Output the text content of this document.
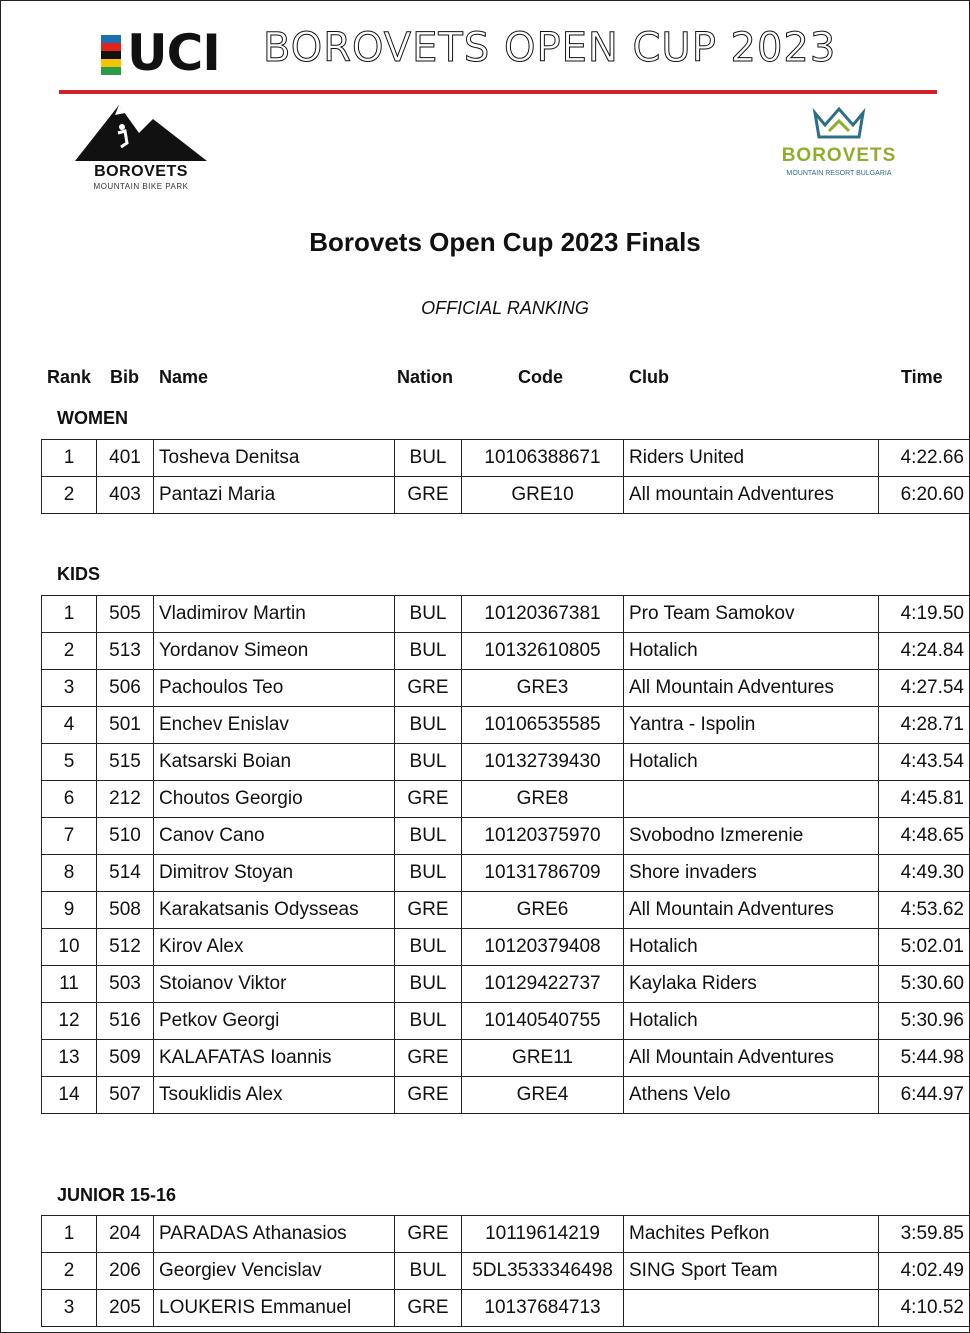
UCI BOROVETS OPEN CUP 2023
BOROVETS
MOUNTAIN BIKE PARK
BOROVETS
MOUNTAIN RESORT BULGARIA
Borovets Open Cup 2023 Finals
OFFICIAL RANKING
Rank Bib Name	Nation	Code	Club	Time
WOMEN
1	401	Tosheva Denitsa	BUL	10106388671	Riders United	4:22.66
2	403	Pantazi Maria	GRE	GRE10	All mountain Adventures	6:20.60
KIDS
1	505	Vladimirov Martin	BUL	10120367381	Pro Team Samokov	4:19.50
2	513	Yordanov Simeon	BUL	10132610805	Hotalich	4:24.84
3	506	Pachoulos Teo	GRE	GRE3	All Mountain Adventures	4:27.54
4	501	Enchev Enislav	BUL	10106535585	Yantra - Ispolin	4:28.71
5	515	Katsarski Boian	BUL	10132739430	Hotalich	4:43.54
6	212	Choutos Georgio	GRE	GRE8		4:45.81
7	510	Canov Cano	BUL	10120375970	Svobodno Izmerenie	4:48.65
8	514	Dimitrov Stoyan	BUL	10131786709	Shore invaders	4:49.30
9	508	Karakatsanis Odysseas	GRE	GRE6	All Mountain Adventures	4:53.62
10	512	Kirov Alex	BUL	10120379408	Hotalich	5:02.01
11	503	Stoianov Viktor	BUL	10129422737	Kaylaka Riders	5:30.60
12	516	Petkov Georgi	BUL	10140540755	Hotalich	5:30.96
13	509	KALAFATAS Ioannis	GRE	GRE11	All Mountain Adventures	5:44.98
14	507	Tsouklidis Alex	GRE	GRE4	Athens Velo	6:44.97
JUNIOR 15-16
1	204	PARADAS Athanasios	GRE	10119614219	Machites Pefkon	3:59.85
2	206	Georgiev Vencislav	BUL	5DL3533346498	SING Sport Team	4:02.49
3	205	LOUKERIS Emmanuel	GRE	10137684713		4:10.52
